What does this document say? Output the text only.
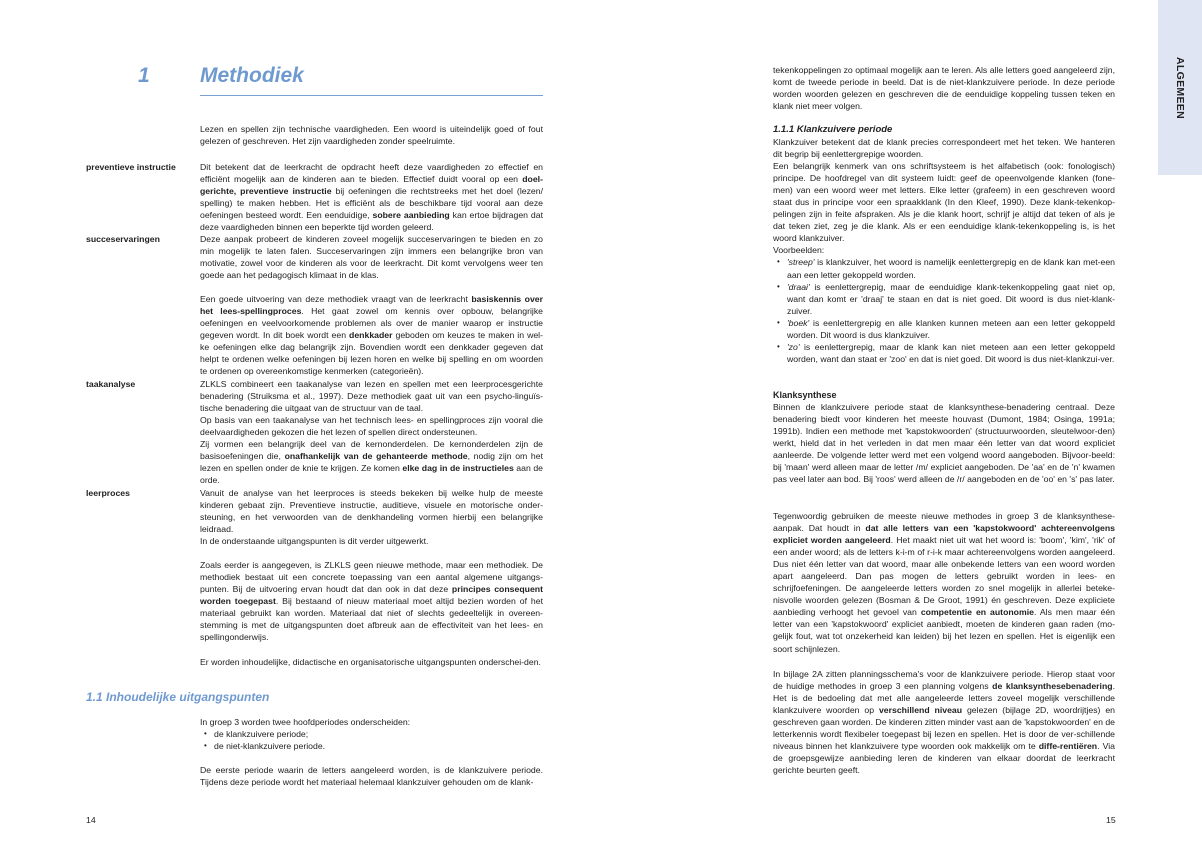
ALGEMEEN
1 Methodiek
Lezen en spellen zijn technische vaardigheden. Een woord is uiteindelijk goed of fout gelezen of geschreven. Het zijn vaardigheden zonder speelruimte.
preventieve instructie	Dit betekent dat de leerkracht de opdracht heeft deze vaardigheden zo effectief en efficiënt mogelijk aan de kinderen aan te bieden. Effectief duidt vooral op een doel-gerichte, preventieve instructie bij oefeningen die rechtstreeks met het doel (lezen/ spelling) te maken hebben. Het is efficiënt als de beschikbare tijd vooral aan deze oefeningen besteed wordt. Een eenduidige, sobere aanbieding kan ertoe bijdragen dat deze vaardigheden binnen een beperkte tijd worden geleerd.
succeservaringen	Deze aanpak probeert de kinderen zoveel mogelijk succeservaringen te bieden en zo min mogelijk te laten falen. Succeservaringen zijn immers een belangrijke bron van motivatie, zowel voor de kinderen als voor de leerkracht. Dit komt vervolgens weer ten goede aan het pedagogisch klimaat in de klas.
Een goede uitvoering van deze methodiek vraagt van de leerkracht basiskennis over het lees-spellingproces. Het gaat zowel om kennis over opbouw, belangrijke oefeningen en veelvoorkomende problemen als over de manier waarop er instructie gegeven wordt. In dit boek wordt een denkkader geboden om keuzes te maken in wel-ke oefeningen elke dag belangrijk zijn. Bovendien wordt een denkkader gegeven dat helpt te ordenen welke oefeningen bij lezen horen en welke bij spelling en om woorden te ordenen op overeenkomstige kenmerken (categorieën).
taakanalyse	ZLKLS combineert een taakanalyse van lezen en spellen met een leerprocesgerichte benadering (Struiksma et al., 1997). Deze methodiek gaat uit van een psycho-linguïs-tische benadering die uitgaat van de structuur van de taal.

Op basis van een taakanalyse van het technisch lees- en spellingproces zijn vooral die deelvaardigheden gekozen die het lezen of spellen direct ondersteunen.

Zij vormen een belangrijk deel van de kernonderdelen. De kernonderdelen zijn de basisoefeningen die, onafhankelijk van de gehanteerde methode, nodig zijn om het lezen en spellen onder de knie te krijgen. Ze komen elke dag in de instructieles aan de orde.

leerproces	Vanuit de analyse van het leerproces is steeds bekeken bij welke hulp de meeste kinderen gebaat zijn. Preventieve instructie, auditieve, visuele en motorische onder-steuning, en het verwoorden van de denkhandeling vormen hierbij een belangrijke leidraad.

In de onderstaande uitgangspunten is dit verder uitgewerkt.

Zoals eerder is aangegeven, is ZLKLS geen nieuwe methode, maar een methodiek. De methodiek bestaat uit een concrete toepassing van een aantal algemene uitgangs-punten. Bij de uitvoering ervan houdt dat dan ook in dat deze principes consequent worden toegepast. Bij bestaand of nieuw materiaal moet altijd bezien worden of het materiaal gebruikt kan worden. Materiaal dat niet of slechts gedeeltelijk in overeen-stemming is met de uitgangspunten doet afbreuk aan de effectiviteit van het lees- en spellingonderwijs.
Er worden inhoudelijke, didactische en organisatorische uitgangspunten onderschei-den.
1.1 Inhoudelijke uitgangspunten

In groep 3 worden twee hoofdperiodes onderscheiden:

• de klankzuivere periode;
• de niet-klankzuivere periode.
De eerste periode waarin de letters aangeleerd worden, is de klankzuivere periode. Tijdens deze periode wordt het materiaal helemaal klankzuiver gehouden om de klank-
14
tekenkoppelingen zo optimaal mogelijk aan te leren. Als alle letters goed aangeleerd zijn, komt de tweede periode in beeld. Dat is de niet-klankzuivere periode. In deze periode worden woorden gelezen en geschreven die de eenduidige koppeling tussen teken en klank niet meer volgen.
1.1.1 Klankzuivere periode

Klankzuiver betekent dat de klank precies correspondeert met het teken. We hanteren dit begrip bij eenlettergrepige woorden.

Een belangrijk kenmerk van ons schriftsysteem is het alfabetisch (ook: fonologisch) principe. De hoofdregel van dit systeem luidt: geef de opeenvolgende klanken (fone-men) van een woord weer met letters. Elke letter (grafeem) in een geschreven woord staat dus in principe voor een spraakklank (In den Kleef, 1990). Deze klank-tekenkop-pelingen zijn in feite afspraken. Als je die klank hoort, schrijf je altijd dat teken of als je dat teken ziet, zeg je die klank. Als er een eenduidige klank-tekenkoppeling is, is het woord klankzuiver.

Voorbeelden:

• 'streep' is klankzuiver, het woord is namelijk eenlettergrepig en de klank kan met-een aan een letter gekoppeld worden.
• 'draai' is eenlettergrepig, maar de eenduidige klank-tekenkoppeling gaat niet op, want dan komt er 'draaj' te staan en dat is niet goed. Dit woord is dus niet-klank-zuiver.
• 'boek' is eenlettergrepig en alle klanken kunnen meteen aan een letter gekoppeld worden. Dit woord is dus klankzuiver.
• 'zo' is eenlettergrepig, maar de klank kan niet meteen aan een letter gekoppeld worden, want dan staat er 'zoo' en dat is niet goed. Dit woord is dus niet-klankzui-ver.
Klanksynthese
Binnen de klankzuivere periode staat de klanksynthese-benadering centraal. Deze benadering biedt voor kinderen het meeste houvast (Dumont, 1984; Osinga, 1991a; 1991b). Indien een methode met 'kapstokwoorden' (structuurwoorden, sleutelwoor-den) werkt, hield dat in het verleden in dat men maar één letter van dat woord expliciet aanleerde. De volgende letter werd met een volgend woord aangeboden. Bijvoor-beeld: bij 'maan' werd alleen maar de letter /m/ expliciet aangeboden. De 'aa' en de 'n' kwamen pas veel later aan bod. Bij 'roos' werd alleen de /r/ aangeboden en de 'oo' en 's' pas later.
Tegenwoordig gebruiken de meeste nieuwe methodes in groep 3 de klanksynthese-aanpak. Dat houdt in dat alle letters van een 'kapstokwoord' achtereenvolgens expliciet worden aangeleerd. Het maakt niet uit wat het woord is: 'boom', 'kim', 'rik' of een ander woord; als de letters k-i-m of r-i-k maar achtereenvolgens worden aangeleerd. Dus niet één letter van dat woord, maar alle onbekende letters van een woord worden apart aangeleerd. Dan pas mogen de letters gebruikt worden in lees- en schrijfoefeningen. De aangeleerde letters worden zo snel mogelijk in allerlei beteke-nisvolle woorden gelezen (Bosman & De Groot, 1991) én geschreven. Deze expliciete aanbieding verhoogt het gevoel van competentie en autonomie. Als men maar één letter van een 'kapstokwoord' expliciet aanbiedt, moeten de kinderen gaan raden (mo-gelijk fout, wat tot onzekerheid kan leiden) bij het lezen en spellen. Het is eigenlijk een soort schijnlezen.
In bijlage 2A zitten planningsschema's voor de klankzuivere periode. Hierop staat voor de huidige methodes in groep 3 een planning volgens de klanksynthesebenadering. Het is de bedoeling dat met alle aangeleerde letters zoveel mogelijk verschillende klankzuivere woorden op verschillend niveau gelezen (bijlage 2D, woordrijtjes) en geschreven gaan worden. De kinderen zitten minder vast aan de 'kapstokwoorden' en de letterkennis wordt flexibeler toegepast bij lezen en spellen. Het is door de ver-schillende niveaus binnen het klankzuivere type woorden ook makkelijk om te diffe-rentiëren. Via de groepsgewijze aanbieding leren de kinderen van elkaar doordat de leerkracht gerichte beurten geeft.
15
